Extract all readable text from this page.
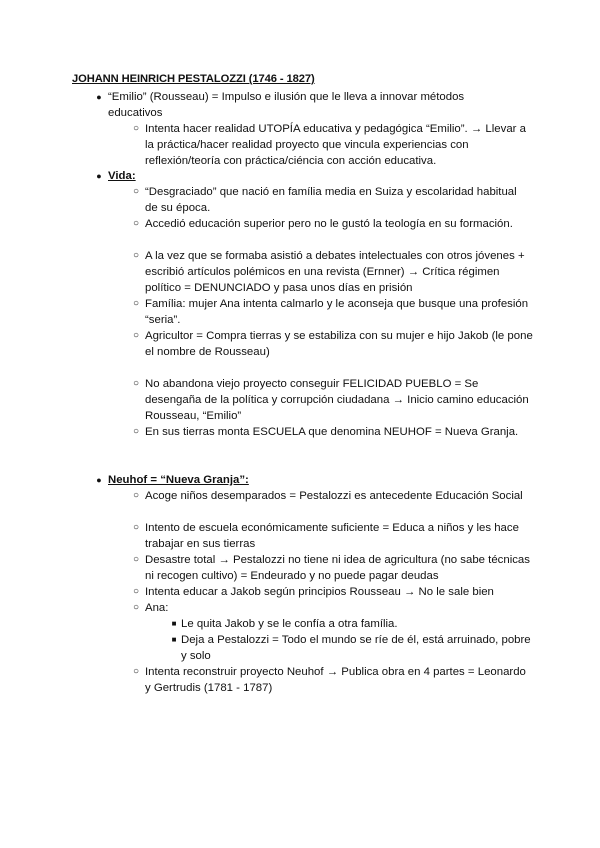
JOHANN HEINRICH PESTALOZZI (1746 - 1827)
● “Emilio” (Rousseau) = Impulso e ilusión que le lleva a innovar métodos educativos
○ Intenta hacer realidad UTOPÍA educativa y pedagógica “Emilio”. → Llevar a la práctica/hacer realidad proyecto que vincula experiencias con reflexión/teoría con práctica/ciéncia con acción educativa.
● Vida:
○ “Desgraciado” que nació en família media en Suiza y escolaridad habitual de su época.
○ Accedió educación superior pero no le gustó la teología en su formación.
○ A la vez que se formaba asistió a debates intelectuales con otros jóvenes + escribió artículos polémicos en una revista (Ernner) → Crítica régimen político = DENUNCIADO y pasa unos días en prisión
○ Família: mujer Ana intenta calmarlo y le aconseja que busque una profesión “seria”.
○ Agricultor = Compra tierras y se estabiliza con su mujer e hijo Jakob (le pone el nombre de Rousseau)
○ No abandona viejo proyecto conseguir FELICIDAD PUEBLO = Se desengaña de la política y corrupción ciudadana → Inicio camino educación Rousseau, “Emilio”
○ En sus tierras monta ESCUELA que denomina NEUHOF = Nueva Granja.
● Neuhof = “Nueva Granja”:
○ Acoge niños desemparados = Pestalozzi es antecedente Educación Social
○ Intento de escuela económicamente suficiente = Educa a niños y les hace trabajar en sus tierras
○ Desastre total → Pestalozzi no tiene ni idea de agricultura (no sabe técnicas ni recogen cultivo) = Endeurado y no puede pagar deudas
○ Intenta educar a Jakob según principios Rousseau → No le sale bien
○ Ana:
■ Le quita Jakob y se le confía a otra família.
■ Deja a Pestalozzi = Todo el mundo se ríe de él, está arruinado, pobre y solo
○ Intenta reconstruir proyecto Neuhof → Publica obra en 4 partes = Leonardo y Gertrudis (1781 - 1787)
